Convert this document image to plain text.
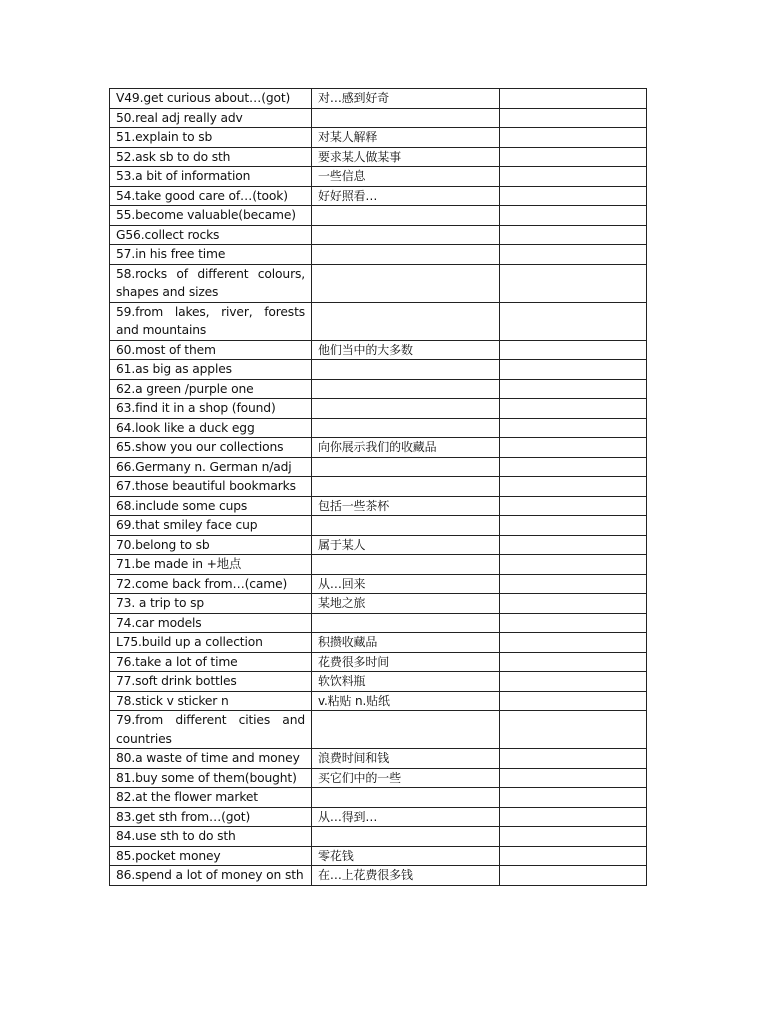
V49.get curious about…(got)	对…感到好奇	
50.real adj really adv		
51.explain to sb	对某人解释	
52.ask sb to do sth	要求某人做某事	
53.a bit of information	一些信息	
54.take good care of…(took)	好好照看…	
55.become valuable(became)		
G56.collect rocks		
57.in his free time		
58.rocks of different colours, shapes and sizes		
59.from lakes, river, forests and mountains		
60.most of them	他们当中的大多数	
61.as big as apples		
62.a green /purple one		
63.find it in a shop (found)		
64.look like a duck egg		
65.show you our collections	向你展示我们的收藏品	
66.Germany n. German n/adj		
67.those beautiful bookmarks		
68.include some cups	包括一些茶杯	
69.that smiley face cup		
70.belong to sb	属于某人	
71.be made in +地点		
72.come back from…(came)	从…回来	
73. a trip to sp	某地之旅	
74.car models		
L75.build up a collection	积攒收藏品	
76.take a lot of time	花费很多时间	
77.soft drink bottles	软饮料瓶	
78.stick v sticker n	v.粘贴 n.贴纸	
79.from different cities and countries		
80.a waste of time and money	浪费时间和钱	
81.buy some of them(bought)	买它们中的一些	
82.at the flower market		
83.get sth from…(got)	从…得到…	
84.use sth to do sth		
85.pocket money	零花钱	
86.spend a lot of money on sth	在…上花费很多钱	
